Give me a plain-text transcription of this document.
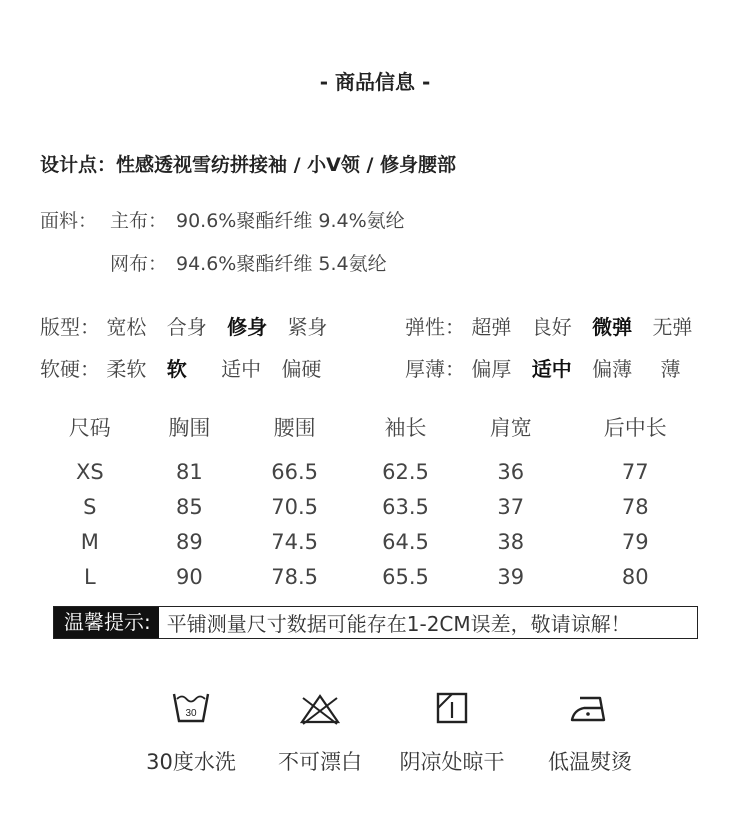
- 商品信息 -
设计点：性感透视雪纺拼接袖 / 小V领 / 修身腰部
面料： 主布： 90.6%聚酯纤维 9.4%氨纶
网布： 94.6%聚酯纤维 5.4氨纶
版型： 宽松 合身 修身 紧身	弹性： 超弹 良好 微弹 无弹
软硬： 柔软 软 适中 偏硬	厚薄： 偏厚 适中 偏薄 薄
尺码	胸围	腰围	袖长	肩宽	后中长
XS	81	66.5	62.5	36	77
S	85	70.5	63.5	37	78
M	89	74.5	64.5	38	79
L	90	78.5	65.5	39	80
温馨提示: 平铺测量尺寸数据可能存在1-2CM误差，敬请谅解！
30
30度水洗	不可漂白	阴凉处晾干	低温熨烫
